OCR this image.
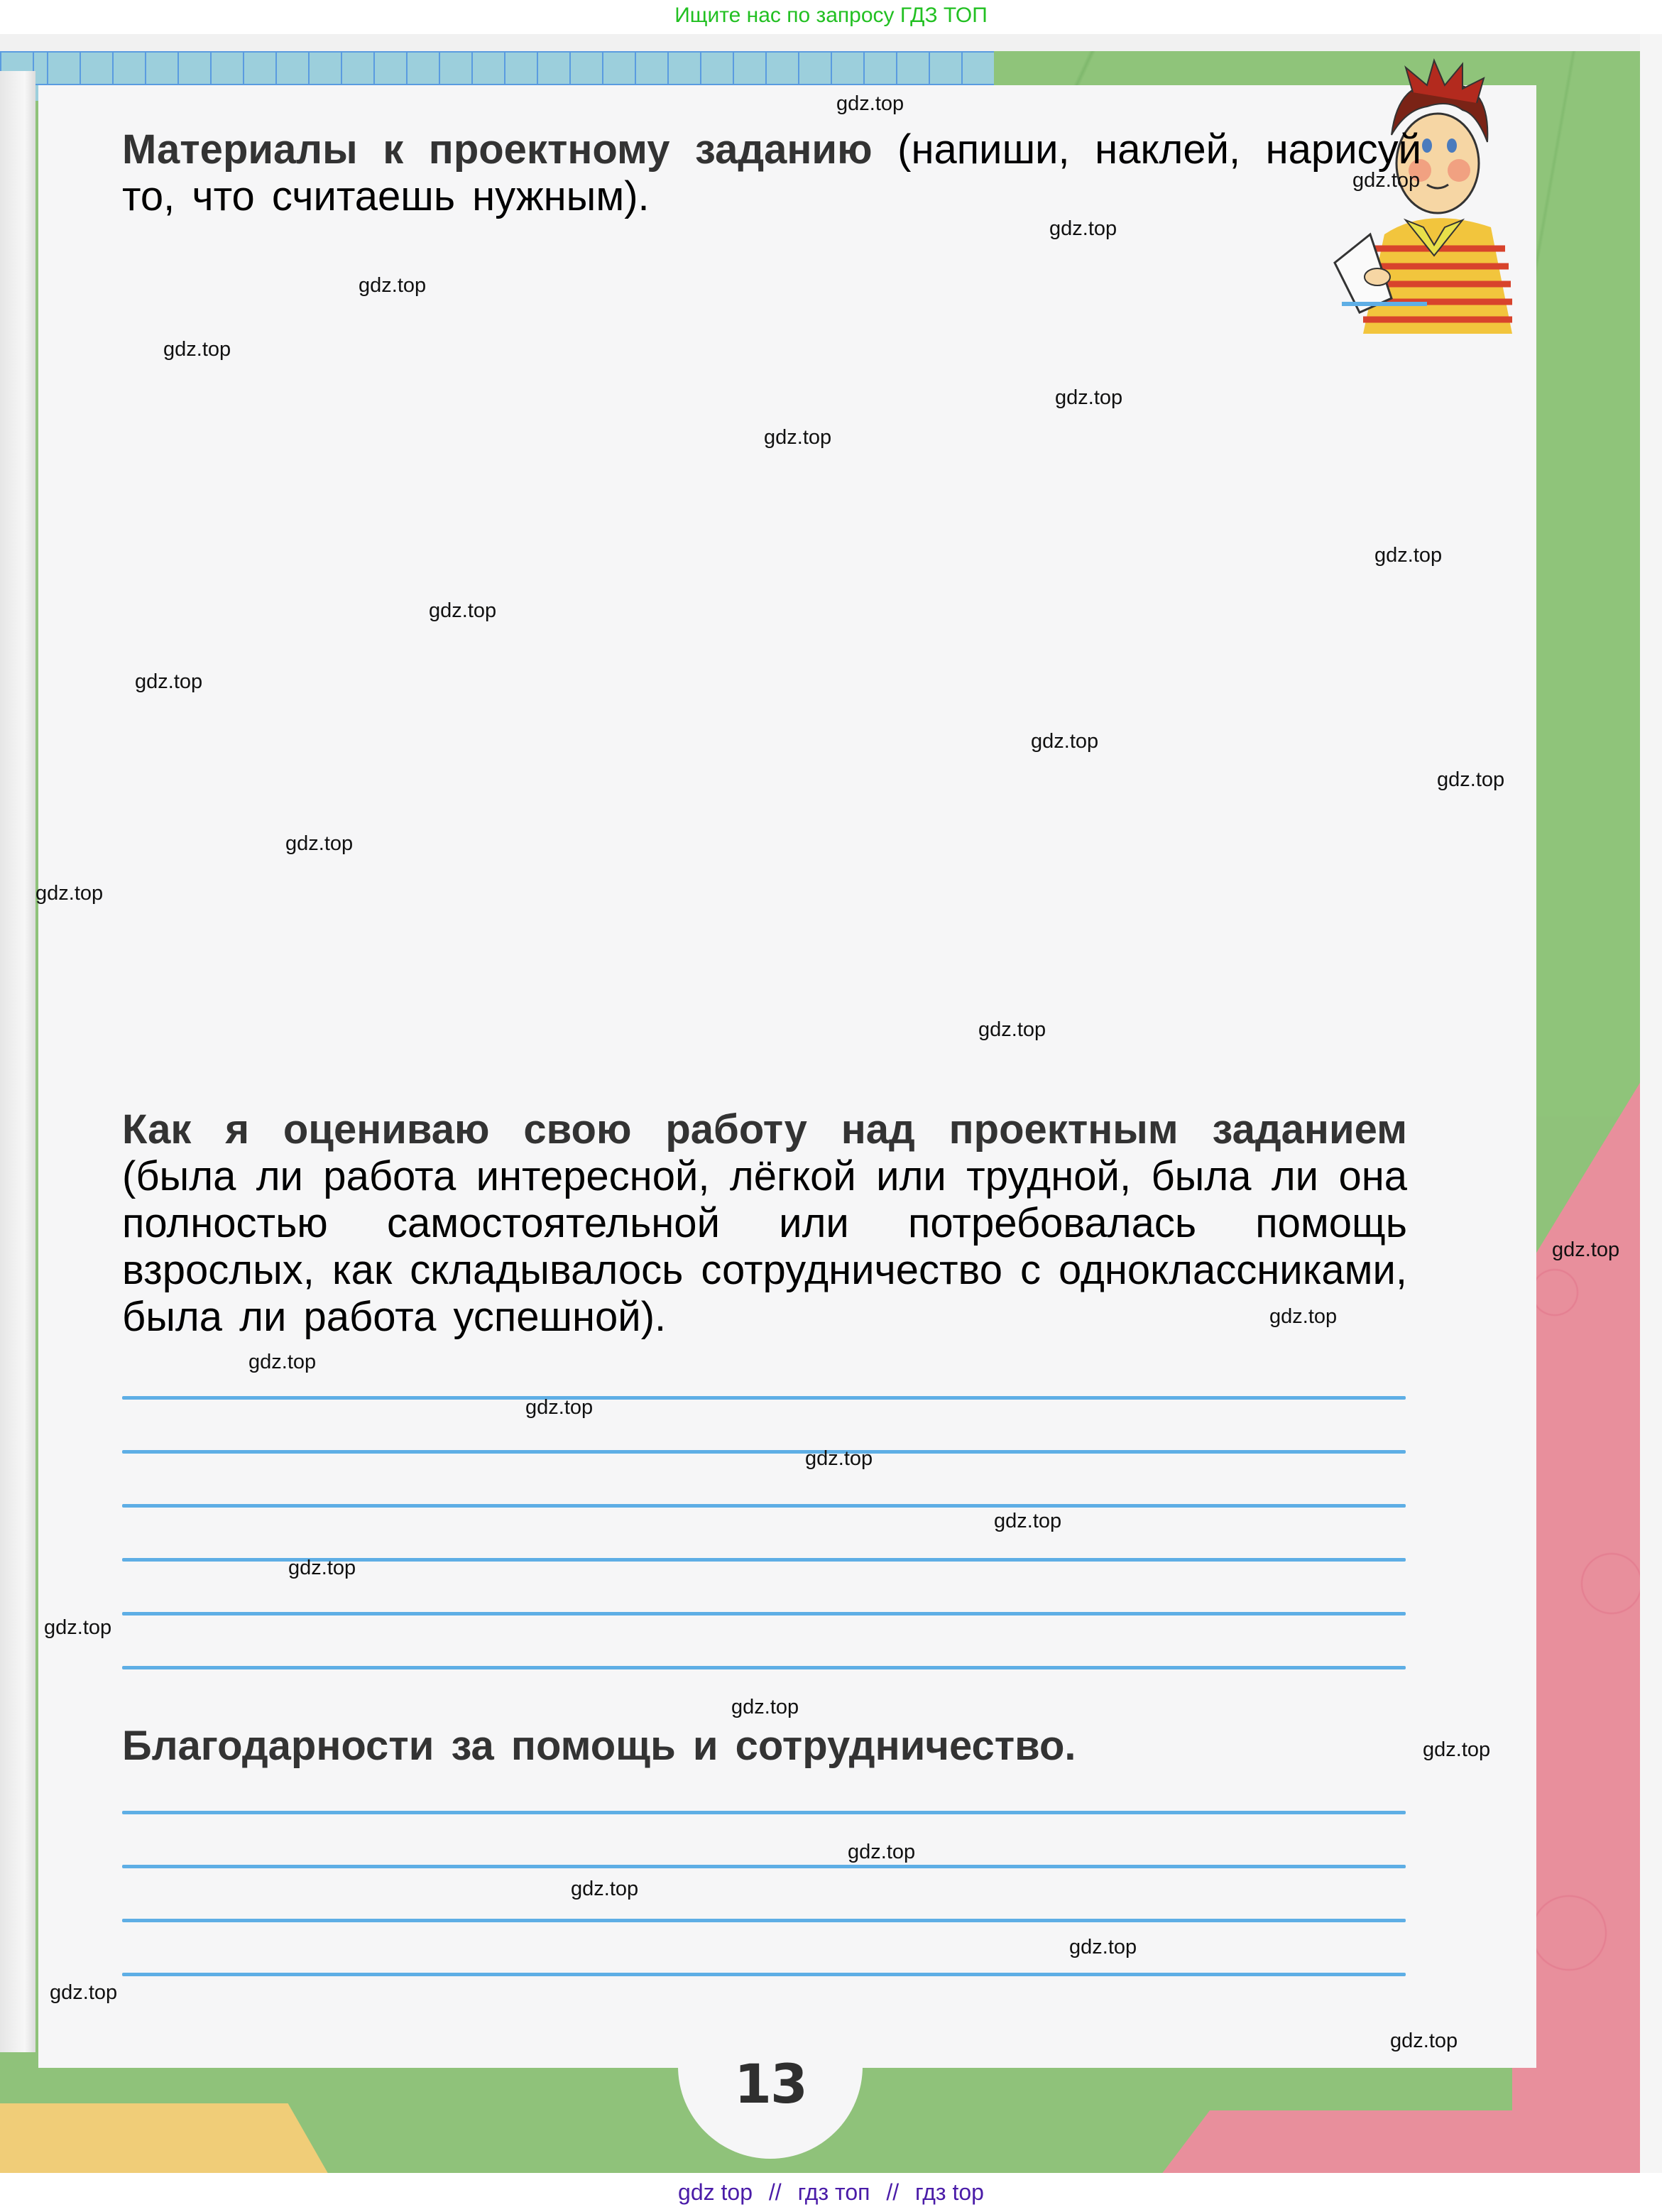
Ищите нас по запросу ГДЗ ТОП

Материалы к проектному заданию (напиши, наклей, нарисуй то, что считаешь нужным).

Как я оцениваю свою работу над проектным заданием (была ли работа интересной, лёгкой или трудной, была ли она полностью самостоятельной или потребовалась помощь взрослых, как складывалось сотрудничество с одноклассниками, была ли работа успешной).

Благодарности за помощь и сотрудничество.

13
gdz.top
gdz.top
gdz.top
gdz.top
gdz.top
gdz.top
gdz.top
gdz.top
gdz.top
gdz.top
gdz.top
gdz.top
gdz.top
gdz.top
gdz.top
gdz.top
gdz.top
gdz.top
gdz.top
gdz.top
gdz.top
gdz.top
gdz.top
gdz.top
gdz.top
gdz.top
gdz.top
gdz.top
gdz.top
gdz.top
gdz top // гдз топ // гдз top
